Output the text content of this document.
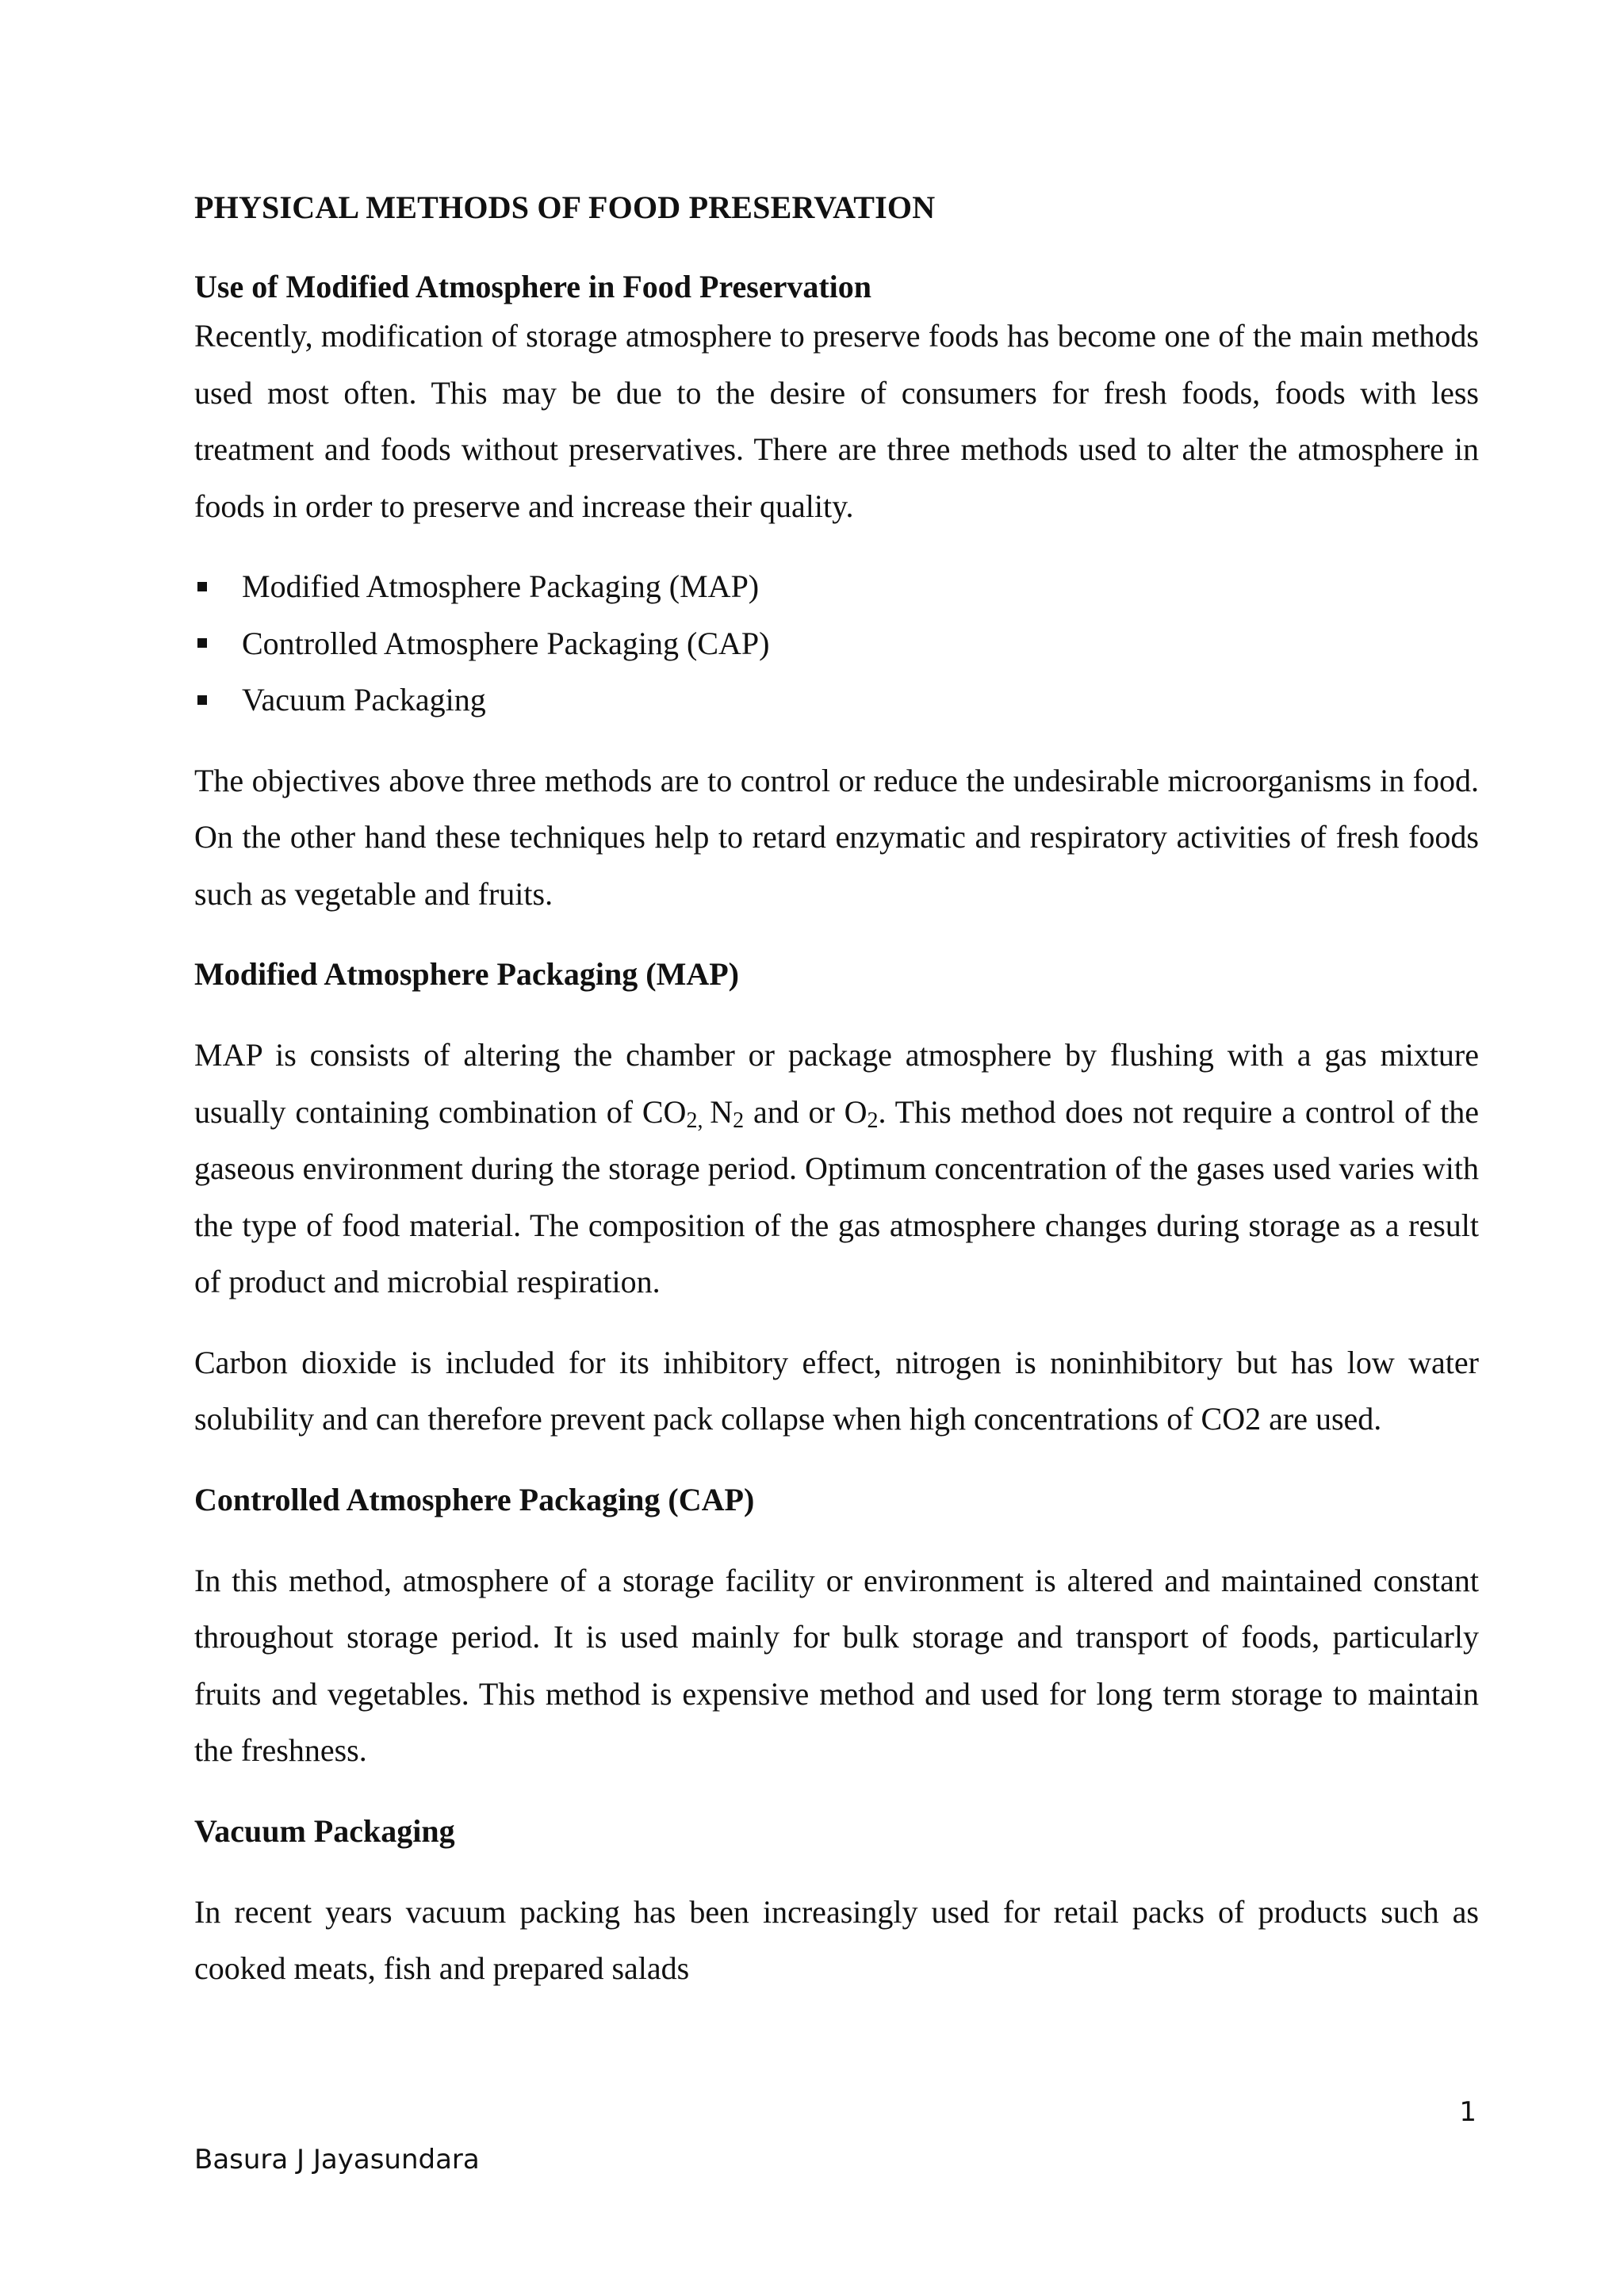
PHYSICAL METHODS OF FOOD PRESERVATION
Use of Modified Atmosphere in Food Preservation

Recently, modification of storage atmosphere to preserve foods has become one of the main methods used most often. This may be due to the desire of consumers for fresh foods, foods with less treatment and foods without preservatives. There are three methods used to alter the atmosphere in foods in order to preserve and increase their quality.

Modified Atmosphere Packaging (MAP)
Controlled Atmosphere Packaging (CAP)
Vacuum Packaging

The objectives above three methods are to control or reduce the undesirable microorganisms in food. On the other hand these techniques help to retard enzymatic and respiratory activities of fresh foods such as vegetable and fruits.

Modified Atmosphere Packaging (MAP)

MAP is consists of altering the chamber or package atmosphere by flushing with a gas mixture usually containing combination of $CO_{2,}$ $N_2$ and or $O_2$. This method does not require a control of the gaseous environment during the storage period. Optimum concentration of the gases used varies with the type of food material. The composition of the gas atmosphere changes during storage as a result of product and microbial respiration.

Carbon dioxide is included for its inhibitory effect, nitrogen is noninhibitory but has low water solubility and can therefore prevent pack collapse when high concentrations of CO2 are used.

Controlled Atmosphere Packaging (CAP)

In this method, atmosphere of a storage facility or environment is altered and maintained constant throughout storage period. It is used mainly for bulk storage and transport of foods, particularly fruits and vegetables. This method is expensive method and used for long term storage to maintain the freshness.

Vacuum Packaging

In recent years vacuum packing has been increasingly used for retail packs of products such as cooked meats, fish and prepared salads

1
Basura J Jayasundara
